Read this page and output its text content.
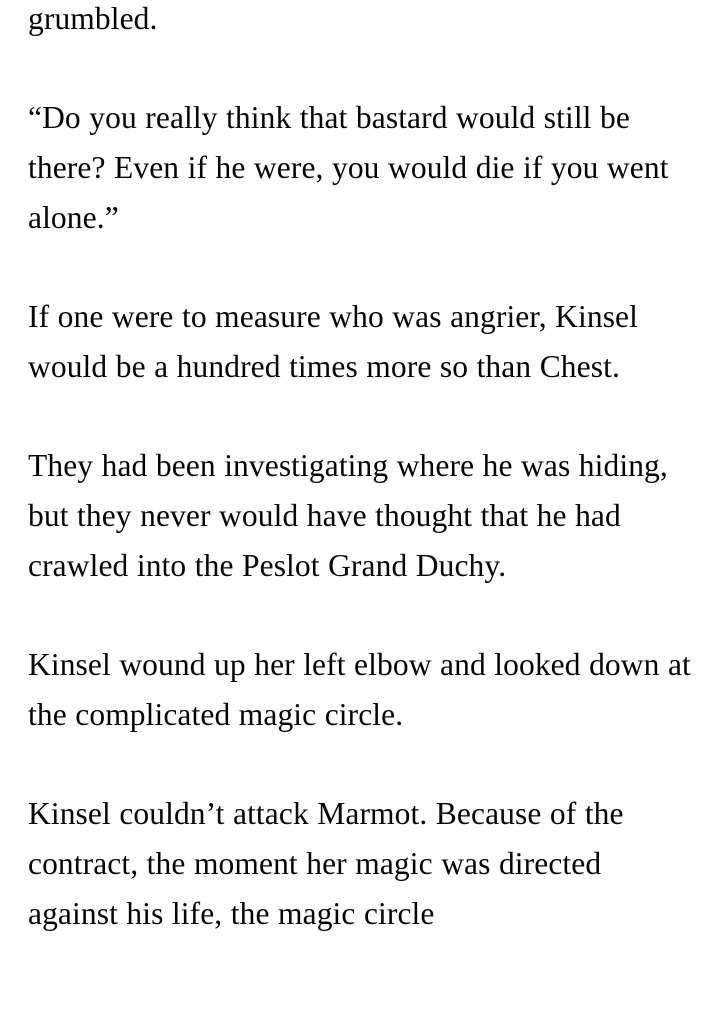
grumbled.

“Do you really think that bastard would still be there? Even if he were, you would die if you went alone.”

If one were to measure who was angrier, Kinsel would be a hundred times more so than Chest.

They had been investigating where he was hiding, but they never would have thought that he had crawled into the Peslot Grand Duchy.

Kinsel wound up her left elbow and looked down at the complicated magic circle.

Kinsel couldn’t attack Marmot. Because of the contract, the moment her magic was directed against his life, the magic circle
